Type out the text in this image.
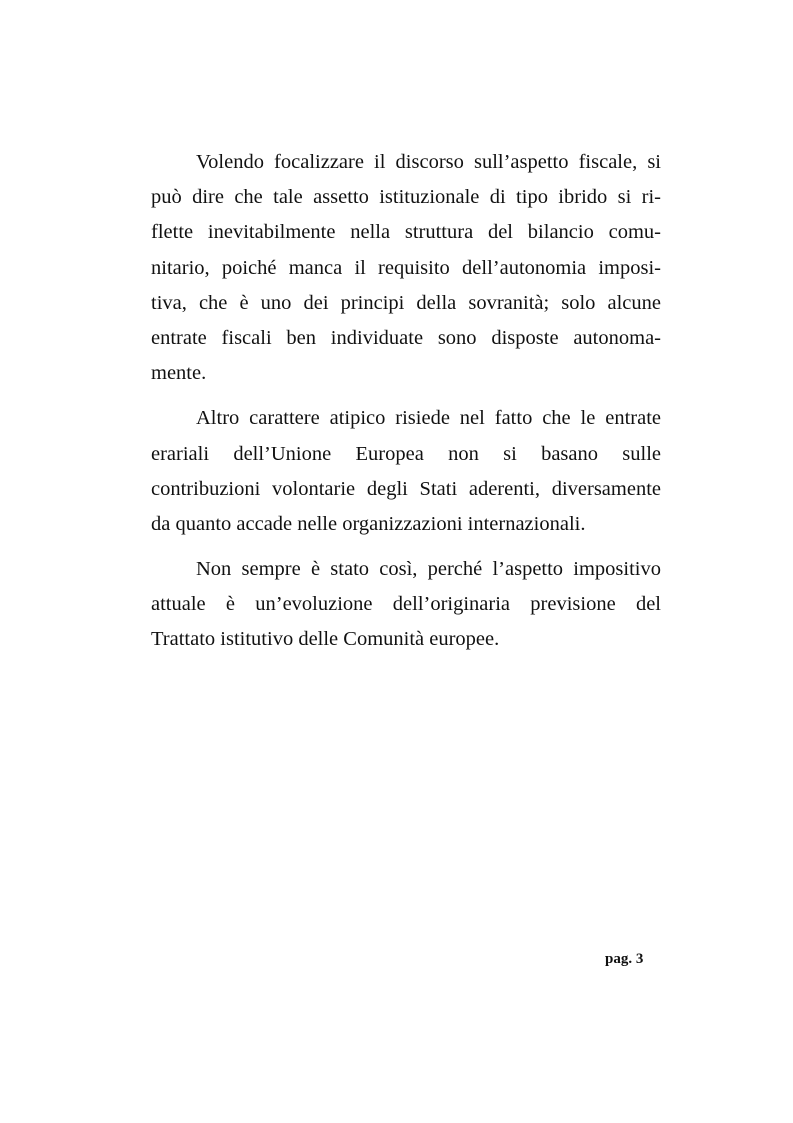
Volendo focalizzare il discorso sull’aspetto fiscale, si
può dire che tale assetto istituzionale di tipo ibrido si ri-
flette inevitabilmente nella struttura del bilancio comu-
nitario, poiché manca il requisito dell’autonomia imposi-
tiva, che è uno dei principi della sovranità; solo alcune
entrate fiscali ben individuate sono disposte autonoma-
mente.
Altro carattere atipico risiede nel fatto che le entrate
erariali dell’Unione Europea non si basano sulle
contribuzioni volontarie degli Stati aderenti, diversamente
da quanto accade nelle organizzazioni internazionali.
Non sempre è stato così, perché l’aspetto impositivo
attuale è un’evoluzione dell’originaria previsione del
Trattato istitutivo delle Comunità europee.
pag. 3
